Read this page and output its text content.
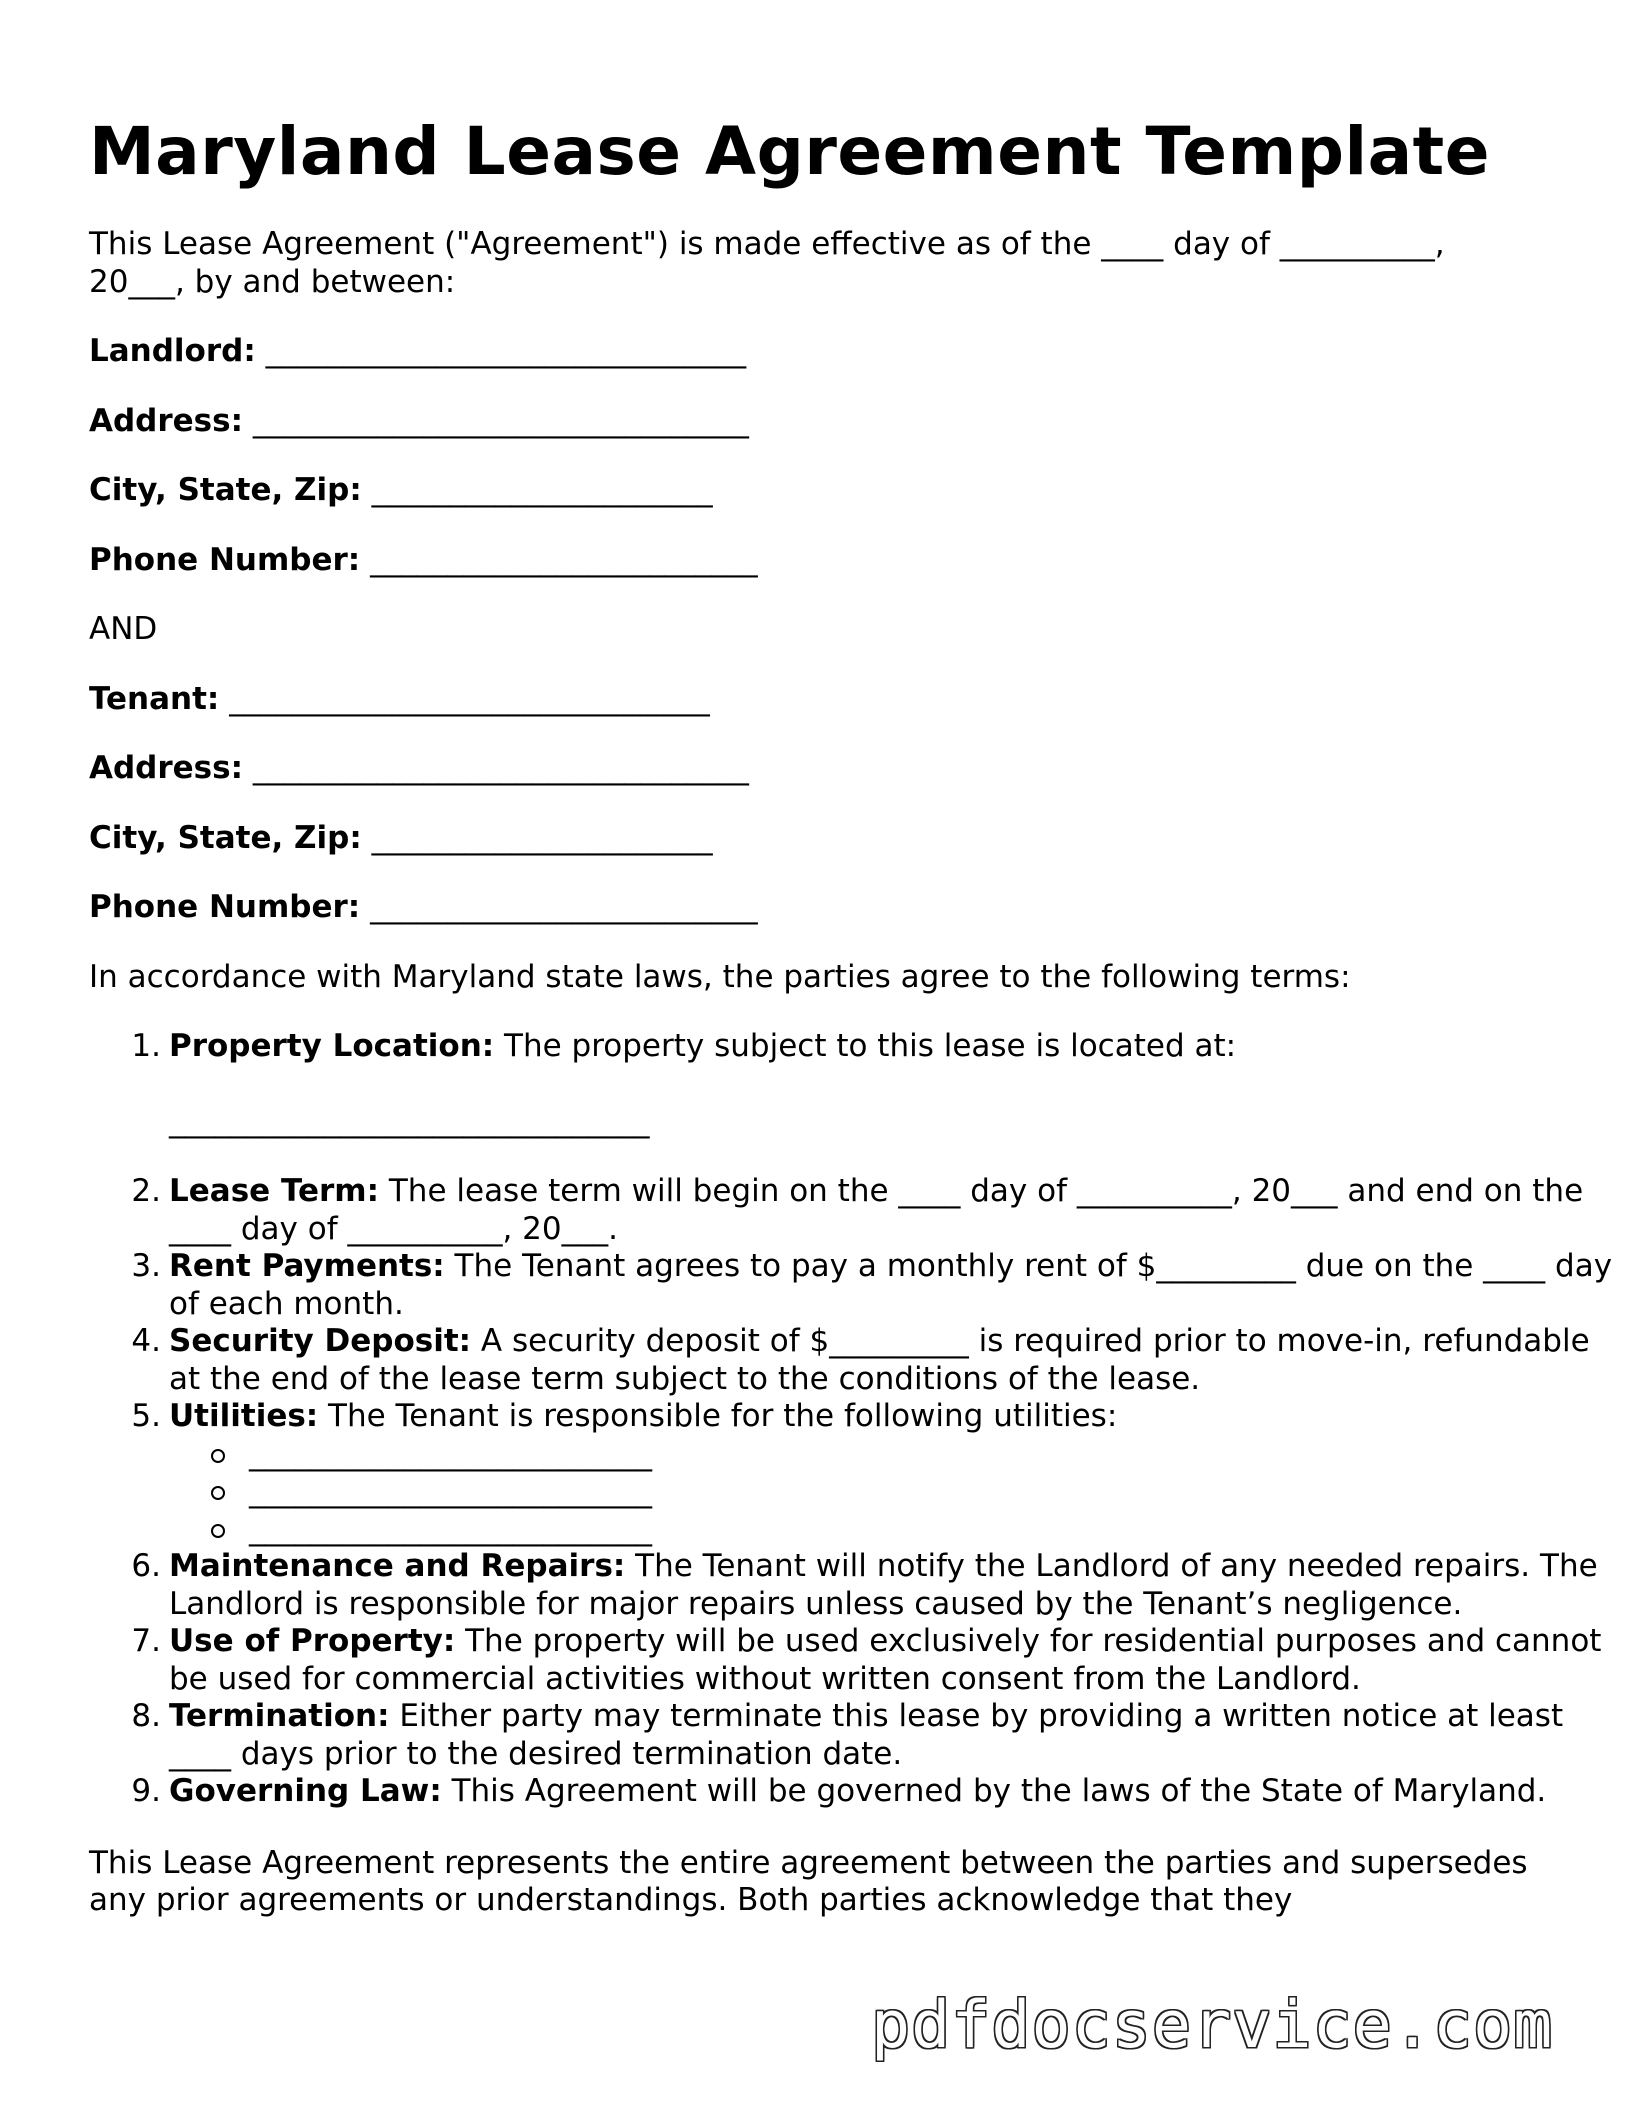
Maryland Lease Agreement Template

This Lease Agreement ("Agreement") is made effective as of the ____ day of __________, 20___, by and between:

Landlord: _______________________________

Address: ________________________________

City, State, Zip: ______________________

Phone Number: _________________________

AND

Tenant: _______________________________

Address: ________________________________

City, State, Zip: ______________________

Phone Number: _________________________

In accordance with Maryland state laws, the parties agree to the following terms:

1. Property Location: The property subject to this lease is located at:
_______________________________
2. Lease Term: The lease term will begin on the ____ day of __________, 20___ and end on the ____ day of __________, 20___.
3. Rent Payments: The Tenant agrees to pay a monthly rent of $_________ due on the ____ day of each month.
4. Security Deposit: A security deposit of $_________ is required prior to move-in, refundable at the end of the lease term subject to the conditions of the lease.
5. Utilities: The Tenant is responsible for the following utilities:
__________________________
__________________________
__________________________
6. Maintenance and Repairs: The Tenant will notify the Landlord of any needed repairs. The Landlord is responsible for major repairs unless caused by the Tenant’s negligence.
7. Use of Property: The property will be used exclusively for residential purposes and cannot be used for commercial activities without written consent from the Landlord.
8. Termination: Either party may terminate this lease by providing a written notice at least ____ days prior to the desired termination date.
9. Governing Law: This Agreement will be governed by the laws of the State of Maryland.

This Lease Agreement represents the entire agreement between the parties and supersedes any prior agreements or understandings. Both parties acknowledge that they

pdfdocservice.com
